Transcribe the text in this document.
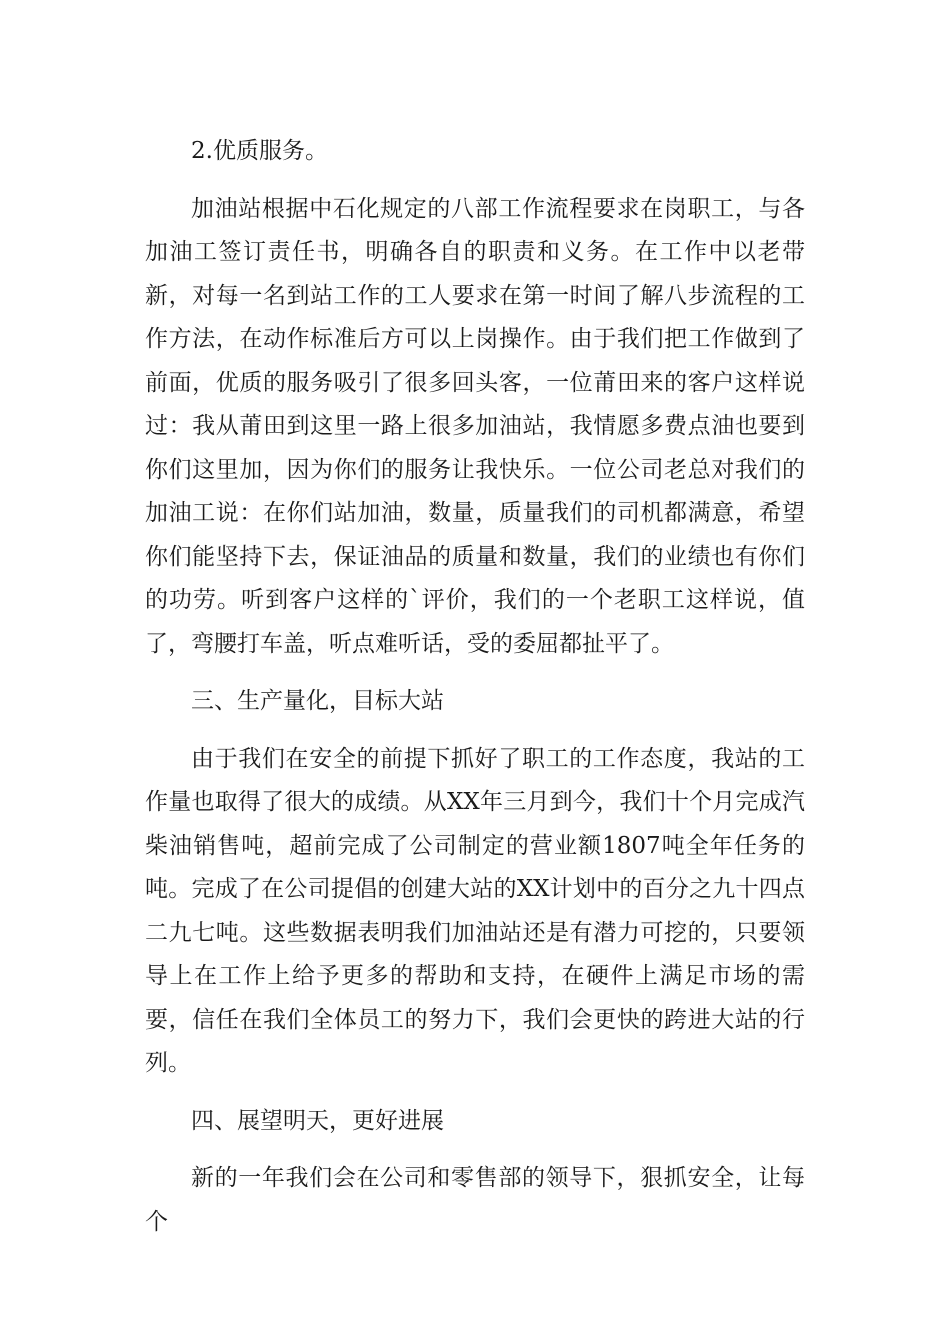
2.优质服务。

加油站根据中石化规定的八部工作流程要求在岗职工，与各加油工签订责任书，明确各自的职责和义务。在工作中以老带新，对每一名到站工作的工人要求在第一时间了解八步流程的工作方法，在动作标准后方可以上岗操作。由于我们把工作做到了前面，优质的服务吸引了很多回头客，一位莆田来的客户这样说过：我从莆田到这里一路上很多加油站，我情愿多费点油也要到你们这里加，因为你们的服务让我快乐。一位公司老总对我们的加油工说：在你们站加油，数量，质量我们的司机都满意，希望你们能坚持下去，保证油品的质量和数量，我们的业绩也有你们的功劳。听到客户这样的`评价，我们的一个老职工这样说，值了，弯腰打车盖，听点难听话，受的委屈都扯平了。

三、生产量化，目标大站

由于我们在安全的前提下抓好了职工的工作态度，我站的工作量也取得了很大的成绩。从XX年三月到今，我们十个月完成汽柴油销售吨，超前完成了公司制定的营业额1807吨全年任务的吨。完成了在公司提倡的创建大站的XX计划中的百分之九十四点二九七吨。这些数据表明我们加油站还是有潜力可挖的，只要领导上在工作上给予更多的帮助和支持，在硬件上满足市场的需要，信任在我们全体员工的努力下，我们会更快的跨进大站的行列。

四、展望明天，更好进展

新的一年我们会在公司和零售部的领导下，狠抓安全，让每个
